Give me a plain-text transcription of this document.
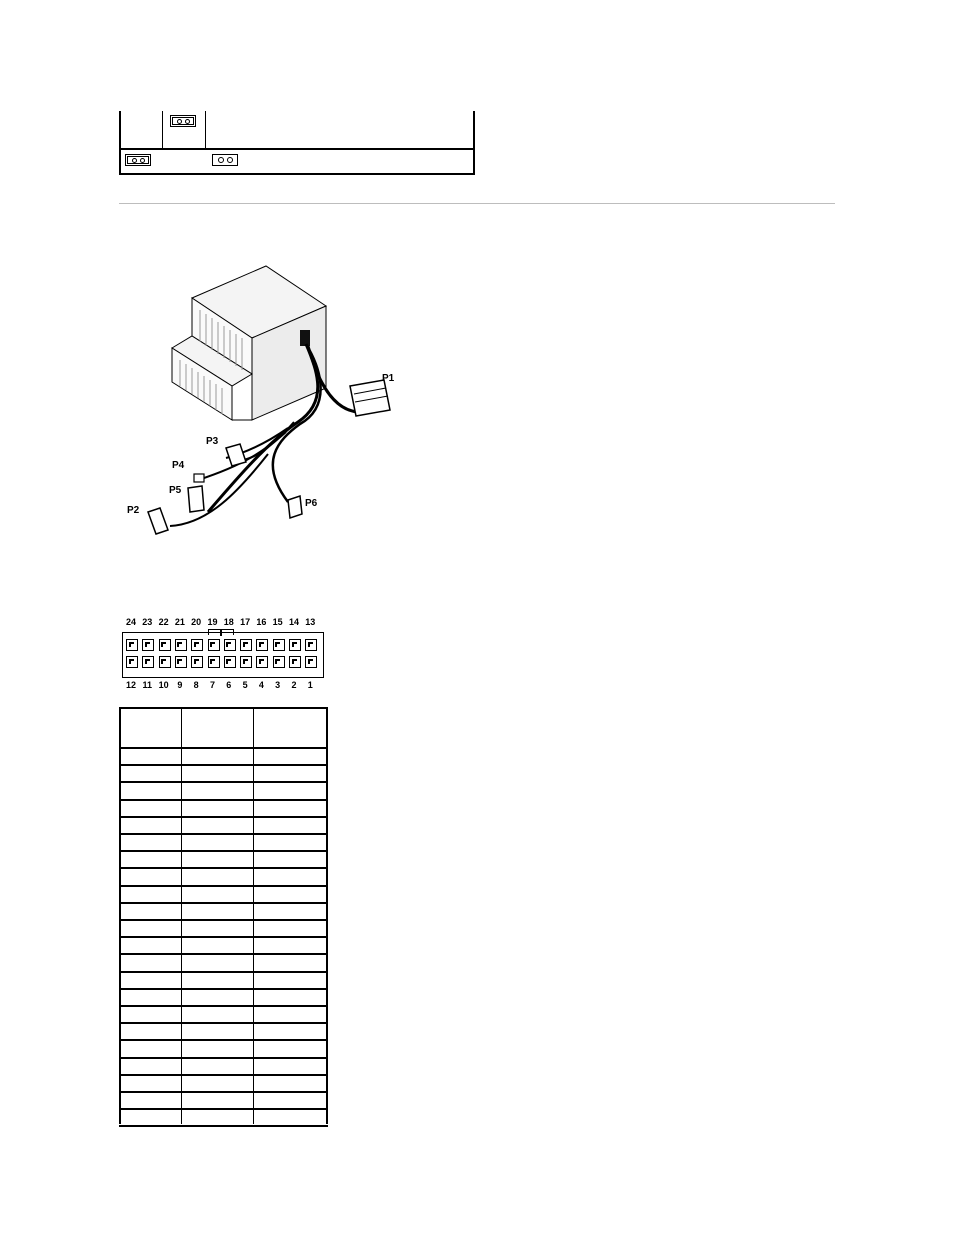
P1
P2
P3
P4
P5
P6
24 23 22 21 20 19 18 17 16 15 14 13
12 11 10 9	8	7	6	5	4	3	2	1
